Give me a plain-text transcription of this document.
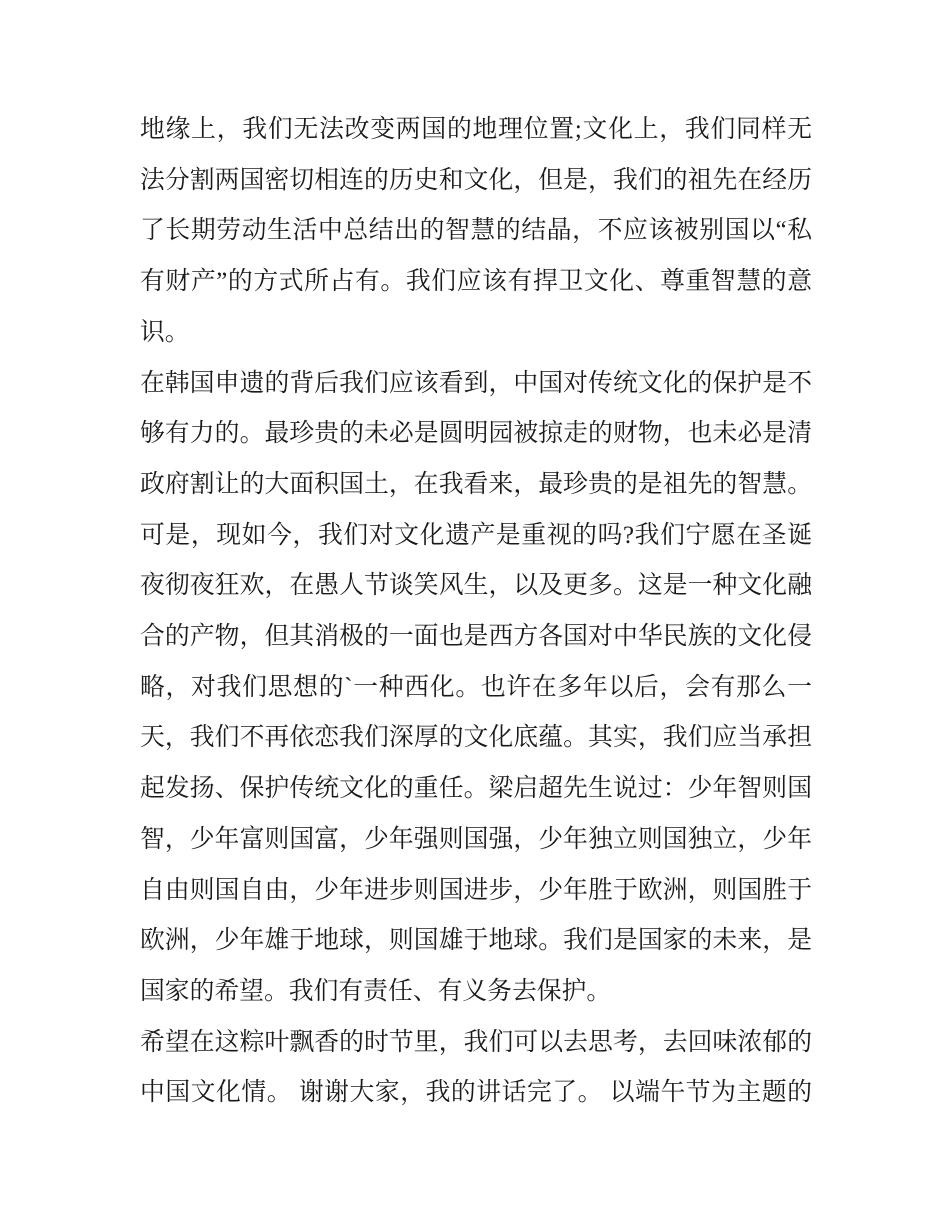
地缘上，我们无法改变两国的地理位置;文化上，我们同样无
法分割两国密切相连的历史和文化，但是，我们的祖先在经历
了长期劳动生活中总结出的智慧的结晶，不应该被别国以“私
有财产”的方式所占有。我们应该有捍卫文化、尊重智慧的意
识。
在韩国申遗的背后我们应该看到，中国对传统文化的保护是不
够有力的。最珍贵的未必是圆明园被掠走的财物，也未必是清
政府割让的大面积国土，在我看来，最珍贵的是祖先的智慧。
可是，现如今，我们对文化遗产是重视的吗?我们宁愿在圣诞
夜彻夜狂欢，在愚人节谈笑风生，以及更多。这是一种文化融
合的产物，但其消极的一面也是西方各国对中华民族的文化侵
略，对我们思想的`一种西化。也许在多年以后，会有那么一
天，我们不再依恋我们深厚的文化底蕴。其实，我们应当承担
起发扬、保护传统文化的重任。梁启超先生说过：少年智则国
智，少年富则国富，少年强则国强，少年独立则国独立，少年
自由则国自由，少年进步则国进步，少年胜于欧洲，则国胜于
欧洲，少年雄于地球，则国雄于地球。我们是国家的未来，是
国家的希望。我们有责任、有义务去保护。
希望在这粽叶飘香的时节里，我们可以去思考，去回味浓郁的
中国文化情。 谢谢大家，我的讲话完了。 以端午节为主题的
